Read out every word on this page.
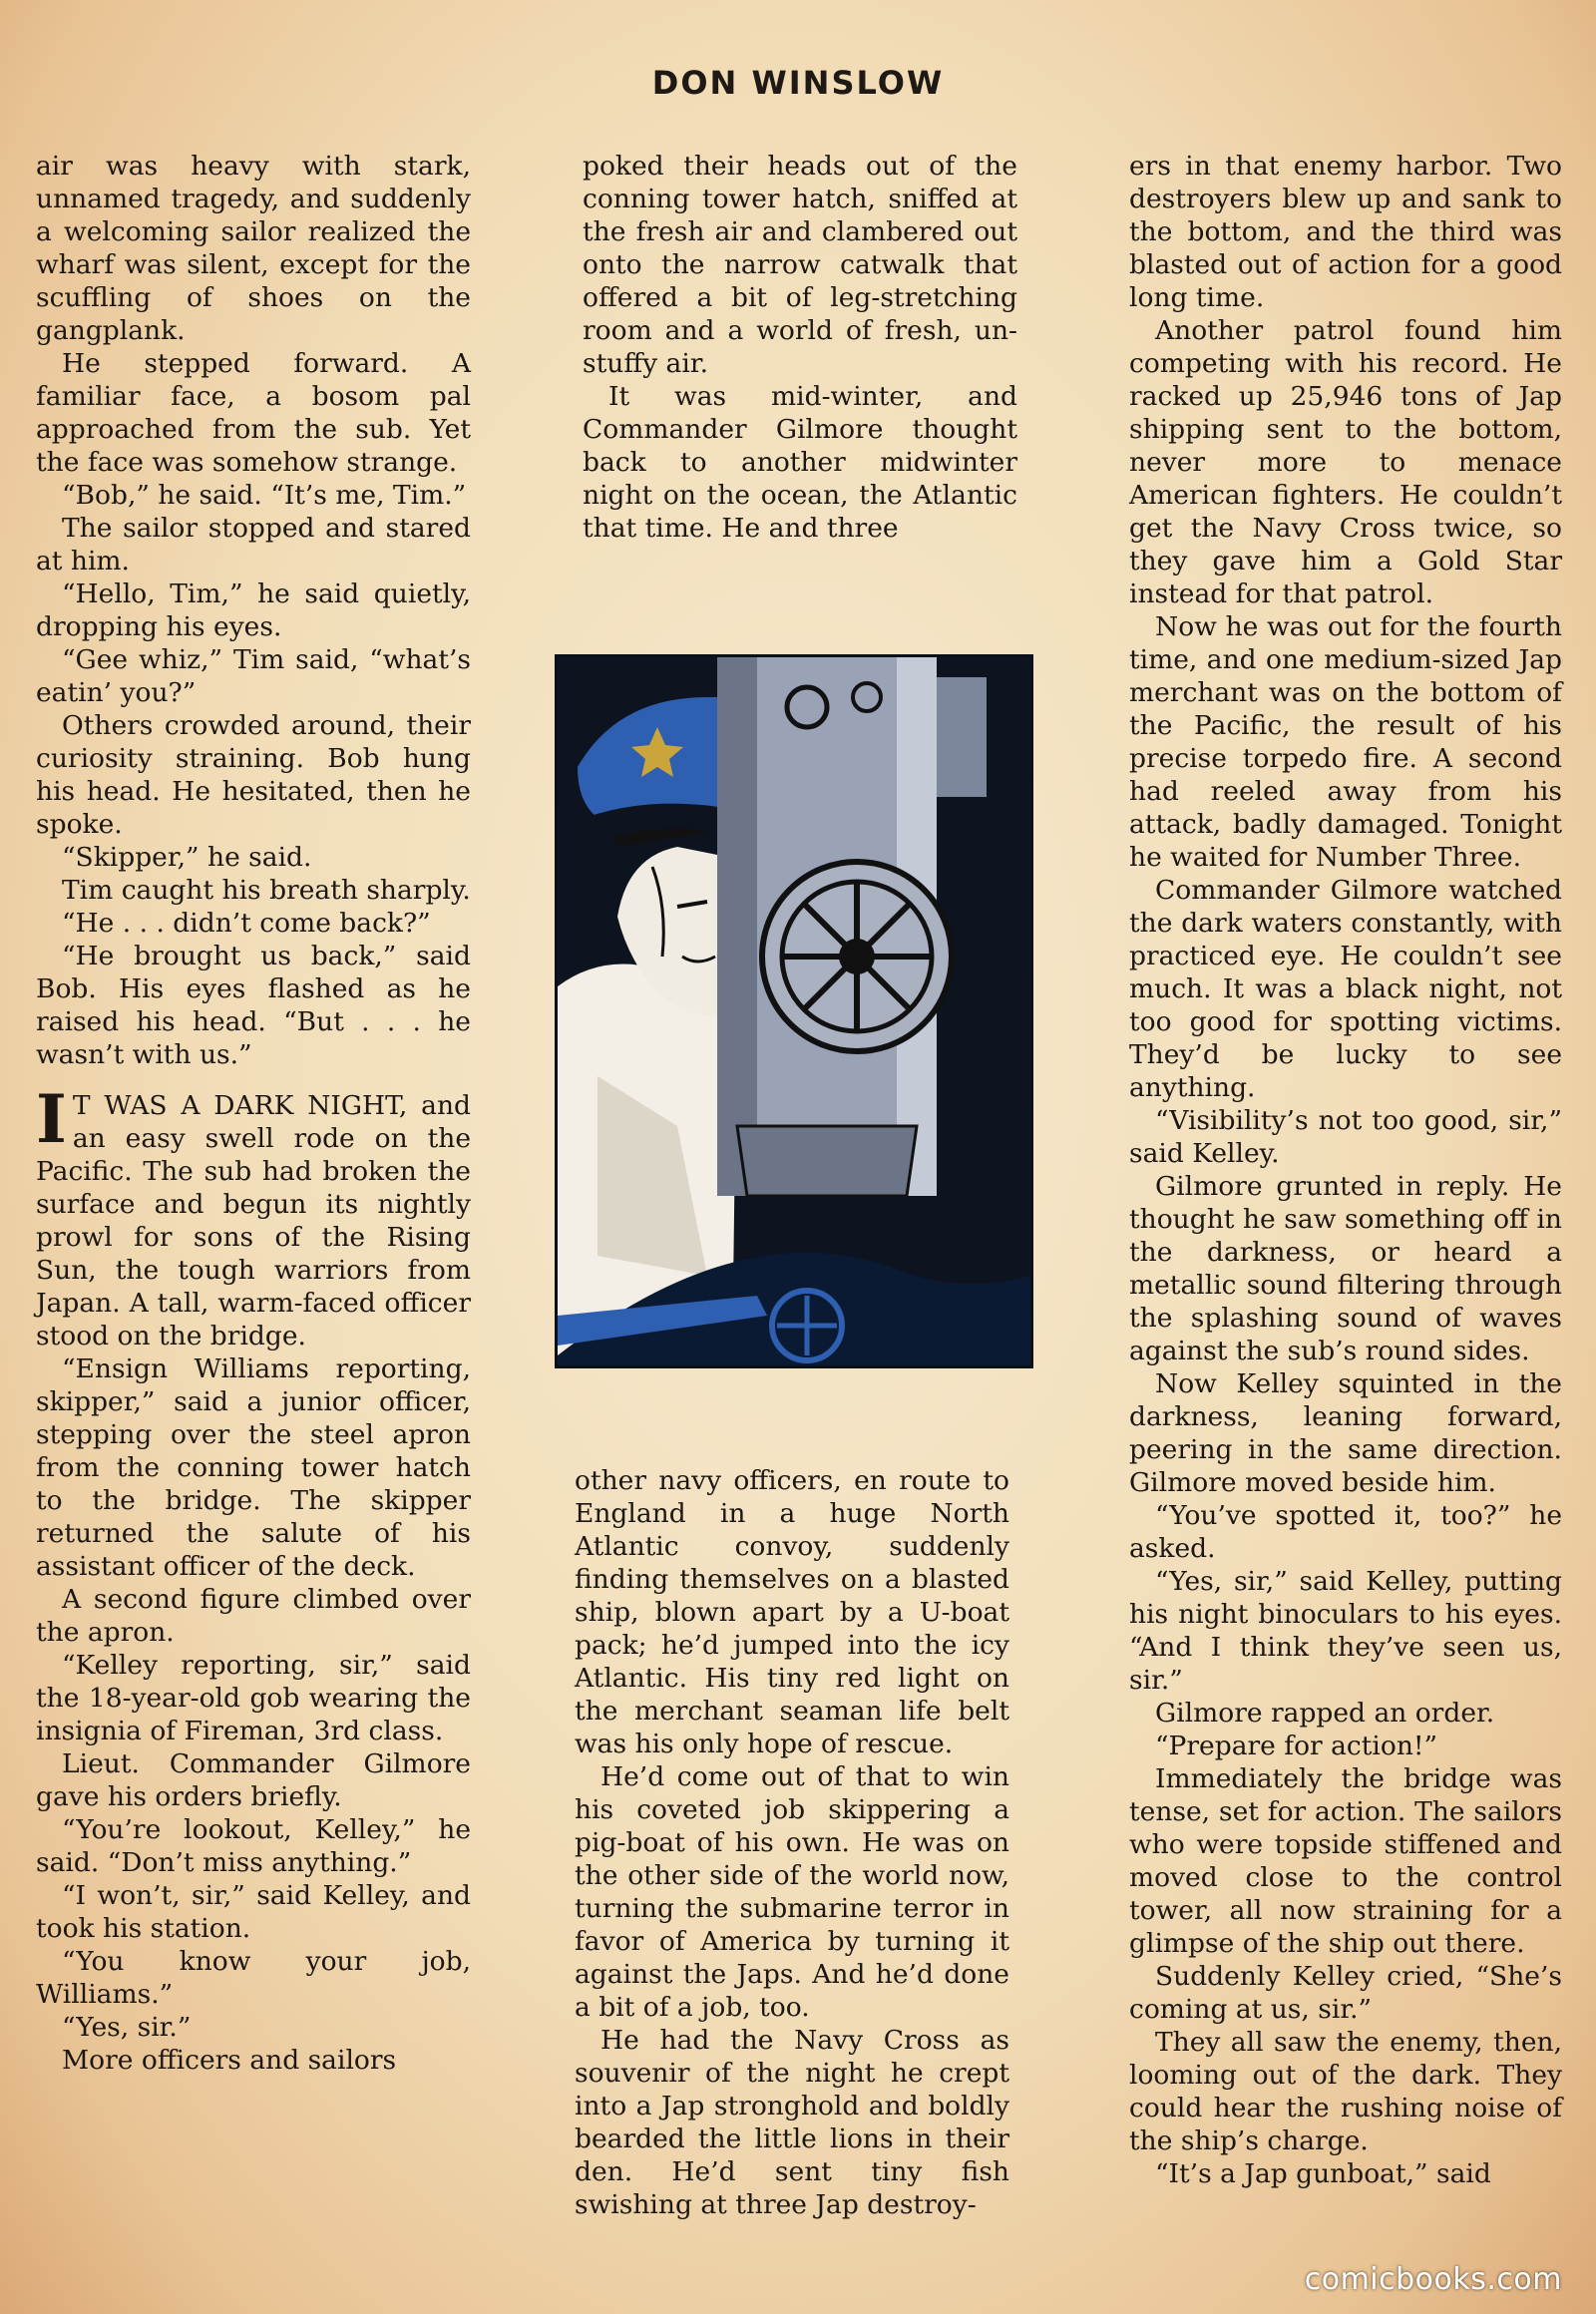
DON WINSLOW

air was heavy with stark, unnamed tragedy, and suddenly a welcoming sailor realized the wharf was silent, except for the scuffling of shoes on the gangplank.

He stepped forward. A familiar face, a bosom pal approached from the sub. Yet the face was somehow strange.

“Bob,” he said. “It’s me, Tim.”

The sailor stopped and stared at him.

“Hello, Tim,” he said quietly, dropping his eyes.

“Gee whiz,” Tim said, “what’s eatin’ you?”

Others crowded around, their curiosity straining. Bob hung his head. He hesitated, then he spoke.

“Skipper,” he said.

Tim caught his breath sharply.

“He . . . didn’t come back?”

“He brought us back,” said Bob. His eyes flashed as he raised his head. “But . . . he wasn’t with us.”

I T WAS A DARK NIGHT, and an easy swell rode on the Pacific. The sub had broken the surface and begun its nightly prowl for sons of the Rising Sun, the tough warriors from Japan. A tall, warm-faced officer stood on the bridge.

“Ensign Williams reporting, skipper,” said a junior officer, stepping over the steel apron from the conning tower hatch to the bridge. The skipper returned the salute of his assistant officer of the deck.

A second figure climbed over the apron.

“Kelley reporting, sir,” said the 18-year-old gob wearing the insignia of Fireman, 3rd class.

Lieut. Commander Gilmore gave his orders briefly.

“You’re lookout, Kelley,” he said. “Don’t miss anything.”

“I won’t, sir,” said Kelley, and took his station.

“You know your job, Williams.”

“Yes, sir.”

More officers and sailors

poked their heads out of the conning tower hatch, sniffed at the fresh air and clambered out onto the narrow catwalk that offered a bit of leg-stretching room and a world of fresh, un-stuffy air.

It was mid-winter, and Commander Gilmore thought back to another midwinter night on the ocean, the Atlantic that time. He and three

other navy officers, en route to England in a huge North Atlantic convoy, suddenly finding themselves on a blasted ship, blown apart by a U-boat pack; he’d jumped into the icy Atlantic. His tiny red light on the merchant seaman life belt was his only hope of rescue.

He’d come out of that to win his coveted job skippering a pig-boat of his own. He was on the other side of the world now, turning the submarine terror in favor of America by turning it against the Japs. And he’d done a bit of a job, too.

He had the Navy Cross as souvenir of the night he crept into a Jap stronghold and boldly bearded the little lions in their den. He’d sent tiny fish swishing at three Jap destroy-

ers in that enemy harbor. Two destroyers blew up and sank to the bottom, and the third was blasted out of action for a good long time.

Another patrol found him competing with his record. He racked up 25,946 tons of Jap shipping sent to the bottom, never more to menace American fighters. He couldn’t get the Navy Cross twice, so they gave him a Gold Star instead for that patrol.

Now he was out for the fourth time, and one medium-sized Jap merchant was on the bottom of the Pacific, the result of his precise torpedo fire. A second had reeled away from his attack, badly damaged. Tonight he waited for Number Three.

Commander Gilmore watched the dark waters constantly, with practiced eye. He couldn’t see much. It was a black night, not too good for spotting victims. They’d be lucky to see anything.

“Visibility’s not too good, sir,” said Kelley.

Gilmore grunted in reply. He thought he saw something off in the darkness, or heard a metallic sound filtering through the splashing sound of waves against the sub’s round sides.

Now Kelley squinted in the darkness, leaning forward, peering in the same direction. Gilmore moved beside him.

“You’ve spotted it, too?” he asked.

“Yes, sir,” said Kelley, putting his night binoculars to his eyes. “And I think they’ve seen us, sir.”

Gilmore rapped an order.

“Prepare for action!”

Immediately the bridge was tense, set for action. The sailors who were topside stiffened and moved close to the control tower, all now straining for a glimpse of the ship out there.

Suddenly Kelley cried, “She’s coming at us, sir.”

They all saw the enemy, then, looming out of the dark. They could hear the rushing noise of the ship’s charge.

“It’s a Jap gunboat,” said

comicbooks.com
